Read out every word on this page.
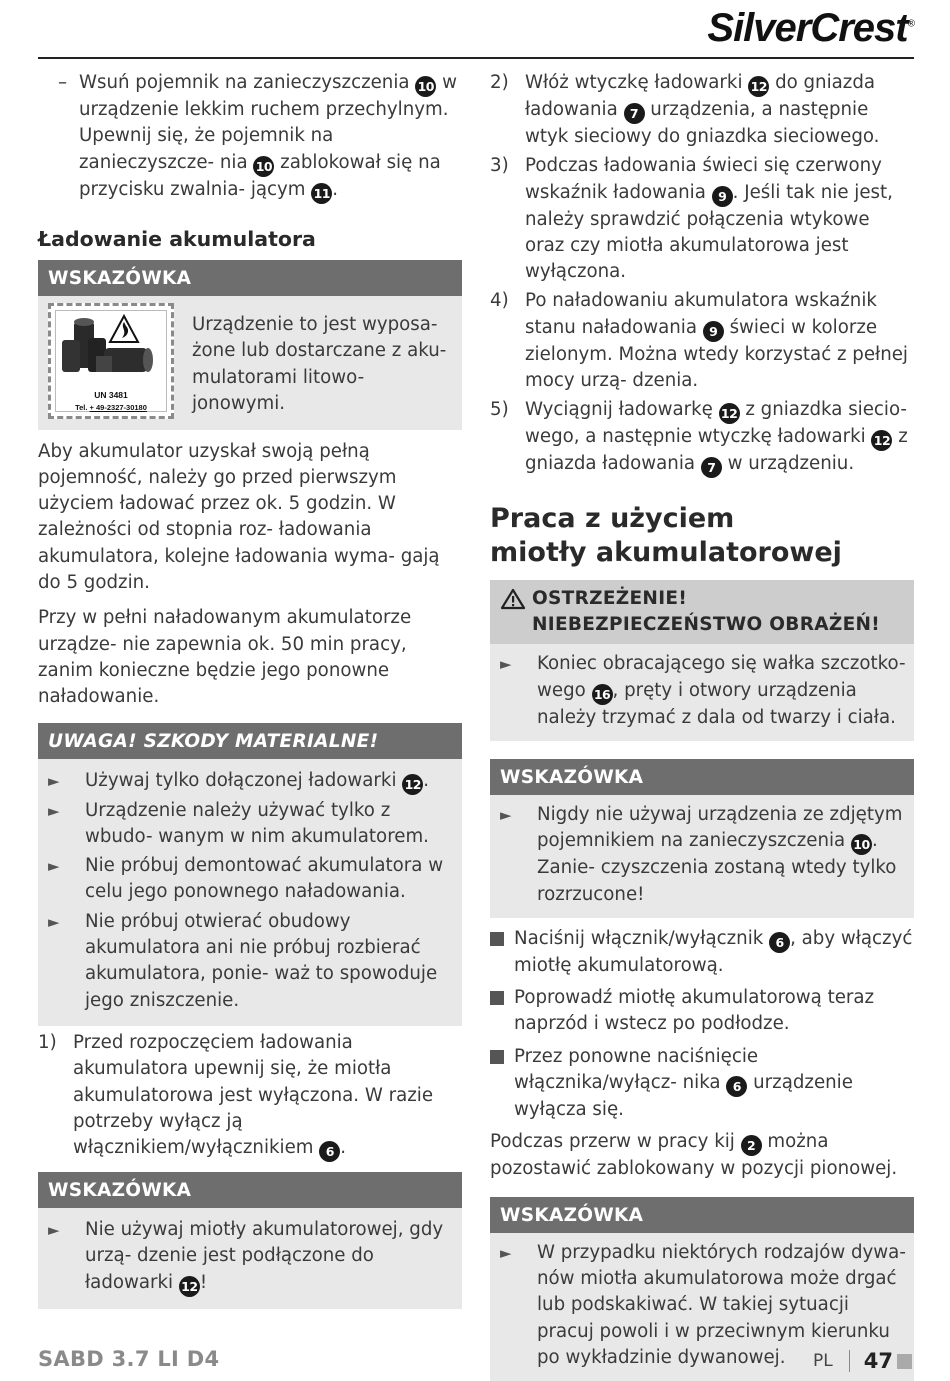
SilverCrest®

– Wsuń pojemnik na zanieczyszczenia 10 w urządzenie lekkim ruchem przechylnym. Upewnij się, że pojemnik na zanieczyszcze- nia 10 zablokował się na przycisku zwalnia- jącym 11 .

Ładowanie akumulatora
WSKAZÓWKA
UN 3481
Tel. + 49-2327-30180
Urządzenie to jest wyposa- żone lub dostarczane z aku- mulatorami litowo-jonowymi.

Aby akumulator uzyskał swoją pełną pojemność, należy go przed pierwszym użyciem ładować przez ok. 5 godzin. W zależności od stopnia roz- ładowania akumulatora, kolejne ładowania wyma- gają do 5 godzin.

Przy w pełni naładowanym akumulatorze urządze- nie zapewnia ok. 50 min pracy, zanim konieczne będzie jego ponowne naładowanie.

UWAGA! SZKODY MATERIALNE!

► Używaj tylko dołączonej ładowarki 12 .

► Urządzenie należy używać tylko z wbudo- wanym w nim akumulatorem.

► Nie próbuj demontować akumulatora w celu jego ponownego naładowania.

► Nie próbuj otwierać obudowy akumulatora ani nie próbuj rozbierać akumulatora, ponie- waż to spowoduje jego zniszczenie.

1) Przed rozpoczęciem ładowania akumulatora upewnij się, że miotła akumulatorowa jest wyłączona. W razie potrzeby wyłącz ją włącznikiem/wyłącznikiem 6 .

WSKAZÓWKA

► Nie używaj miotły akumulatorowej, gdy urzą- dzenie jest podłączone do ładowarki 12 !

2) Włóż wtyczkę ładowarki 12 do gniazda ładowania 7 urządzenia, a następnie wtyk sieciowy do gniazdka sieciowego.

3) Podczas ładowania świeci się czerwony wskaźnik ładowania 9 . Jeśli tak nie jest, należy sprawdzić połączenia wtykowe oraz czy miotła akumulatorowa jest wyłączona.

4) Po naładowaniu akumulatora wskaźnik stanu naładowania 9 świeci w kolorze zielonym. Można wtedy korzystać z pełnej mocy urzą- dzenia.

5) Wyciągnij ładowarkę 12 z gniazdka siecio- wego, a następnie wtyczkę ładowarki 12 z gniazda ładowania 7 w urządzeniu.

Praca z użyciem
miotły akumulatorowej
OSTRZEŻENIE!
NIEBEZPIECZEŃSTWO OBRAŻEŃ!

► Koniec obracającego się wałka szczotko- wego 16 , pręty i otwory urządzenia należy trzymać z dala od twarzy i ciała.

WSKAZÓWKA

► Nigdy nie używaj urządzenia ze zdjętym pojemnikiem na zanieczyszczenia 10 . Zanie- czyszczenia zostaną wtedy tylko rozrzucone!

Naciśnij włącznik/wyłącznik 6 , aby włączyć miotłę akumulatorową.

Poprowadź miotłę akumulatorową teraz naprzód i wstecz po podłodze.

Przez ponowne naciśnięcie włącznika/wyłącz- nika 6 urządzenie wyłącza się.

Podczas przerw w pracy kij 2 można pozostawić zablokowany w pozycji pionowej.

WSKAZÓWKA

► W przypadku niektórych rodzajów dywa- nów miotła akumulatorowa może drgać lub podskakiwać. W takiej sytuacji pracuj powoli i w przeciwnym kierunku po wykładzinie dywanowej.

SABD 3.7 LI D4	PL 47
